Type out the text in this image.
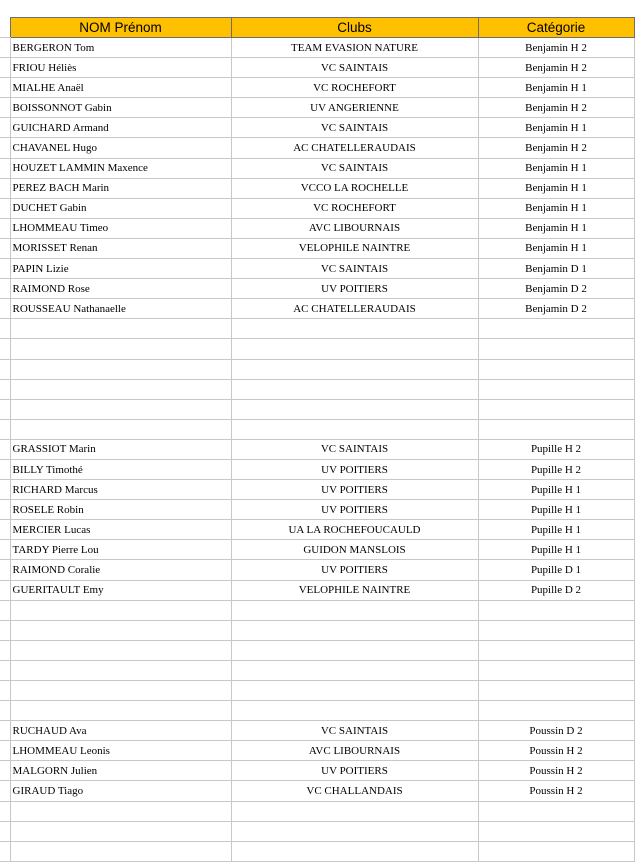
	NOM Prénom	Clubs	Catégorie	
	BERGERON Tom	TEAM EVASION NATURE	Benjamin H 2	
	FRIOU Héliès	VC SAINTAIS	Benjamin H 2	
	MIALHE Anaël	VC ROCHEFORT	Benjamin H 1	
	BOISSONNOT Gabin	UV ANGERIENNE	Benjamin H 2	
	GUICHARD Armand	VC SAINTAIS	Benjamin H 1	
	CHAVANEL Hugo	AC CHATELLERAUDAIS	Benjamin H 2	
	HOUZET LAMMIN Maxence	VC SAINTAIS	Benjamin H 1	
	PEREZ BACH Marin	VCCO LA ROCHELLE	Benjamin H 1	
	DUCHET Gabin	VC ROCHEFORT	Benjamin H 1	
	LHOMMEAU Timeo	AVC LIBOURNAIS	Benjamin H 1	
	MORISSET Renan	VELOPHILE NAINTRE	Benjamin H 1	
	PAPIN Lizie	VC SAINTAIS	Benjamin D 1	
	RAIMOND Rose	UV POITIERS	Benjamin D 2	
	ROUSSEAU Nathanaelle	AC CHATELLERAUDAIS	Benjamin D 2	

	GRASSIOT Marin	VC SAINTAIS	Pupille H 2	
	BILLY Timothé	UV POITIERS	Pupille H 2	
	RICHARD Marcus	UV POITIERS	Pupille H 1	
	ROSELE Robin	UV POITIERS	Pupille H 1	
	MERCIER Lucas	UA LA ROCHEFOUCAULD	Pupille H 1	
	TARDY Pierre Lou	GUIDON MANSLOIS	Pupille H 1	
	RAIMOND Coralie	UV POITIERS	Pupille D 1	
	GUERITAULT Emy	VELOPHILE NAINTRE	Pupille D 2	

	RUCHAUD Ava	VC SAINTAIS	Poussin D 2	
	LHOMMEAU Leonis	AVC LIBOURNAIS	Poussin H 2	
	MALGORN Julien	UV POITIERS	Poussin H 2	
	GIRAUD Tiago	VC CHALLANDAIS	Poussin H 2	
